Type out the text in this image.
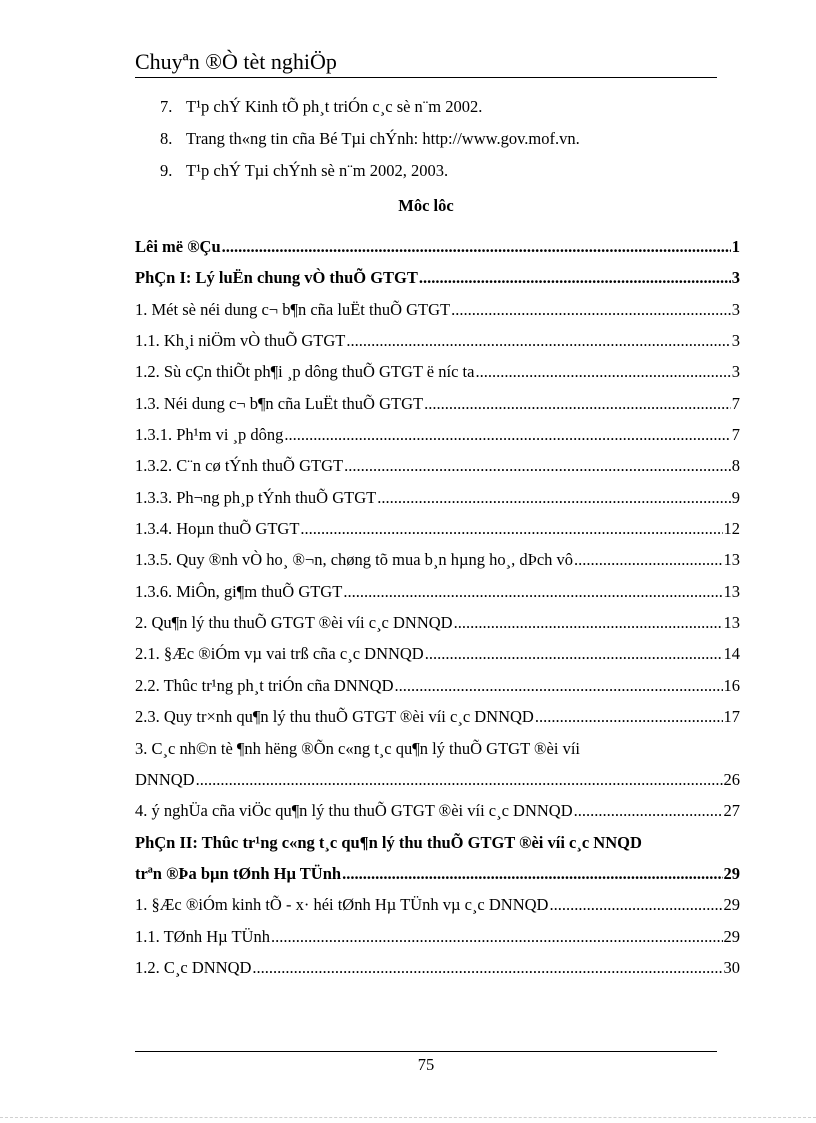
Chuyªn ®Ò tèt nghiÖp
7. T¹p chÝ Kinh tÕ ph¸t triÓn c¸c sè n¨m 2002.
8. Trang th«ng tin cña Bé Tµi chÝnh: http://www.gov.mof.vn.
9. T¹p chÝ Tµi chÝnh sè n¨m 2002, 2003.
Môc lôc
Lêi më ®Çu .....	1
PhÇn I: Lý luËn chung vÒ thuÕ GTGT .....	3
1. Mét sè néi dung c¬ b¶n cña luËt thuÕ GTGT .....	3
1.1. Kh¸i niÖm vÒ thuÕ GTGT .....	3
1.2. Sù cÇn thiÕt ph¶i ¸p dông thuÕ GTGT ë níc ta .....	3
1.3. Néi dung c¬ b¶n cña LuËt thuÕ GTGT .....	7
1.3.1. Ph¹m vi ¸p dông .....	7
1.3.2. C¨n cø tÝnh thuÕ GTGT .....	8
1.3.3. Ph¬ng ph¸p tÝnh thuÕ GTGT .....	9
1.3.4. Hoµn thuÕ GTGT .....	12
1.3.5. Quy ®nh vÒ ho¸ ®¬n, chøng tõ mua b¸n hµng ho¸, dÞch vô .....	13
1.3.6. MiÔn, gi¶m thuÕ GTGT .....	13
2. Qu¶n lý thu thuÕ GTGT ®èi víi c¸c DNNQD .....	13
2.1. §Æc ®iÓm vµ vai trß cña c¸c DNNQD .....	14
2.2. Thûc tr¹ng ph¸t triÓn cña DNNQD .....	16
2.3. Quy tr×nh qu¶n lý thu thuÕ GTGT ®èi víi c¸c DNNQD .....	17
3. C¸c nh©n tè ¶nh hëng ®Õn c«ng t¸c qu¶n lý thuÕ GTGT ®èi víi
DNNQD .....	26
4. ý nghÜa cña viÖc qu¶n lý thu thuÕ GTGT ®èi víi c¸c DNNQD .....	27
PhÇn II: Thûc tr¹ng c«ng t¸c qu¶n lý thu thuÕ GTGT ®èi víi c¸c NNQD
trªn ®Þa bµn tØnh Hµ TÜnh .....	29
1. §Æc ®iÓm kinh tÕ - x· héi tØnh Hµ TÜnh vµ c¸c DNNQD .....	29
1.1. TØnh Hµ TÜnh .....	29
1.2. C¸c DNNQD .....	30
75
